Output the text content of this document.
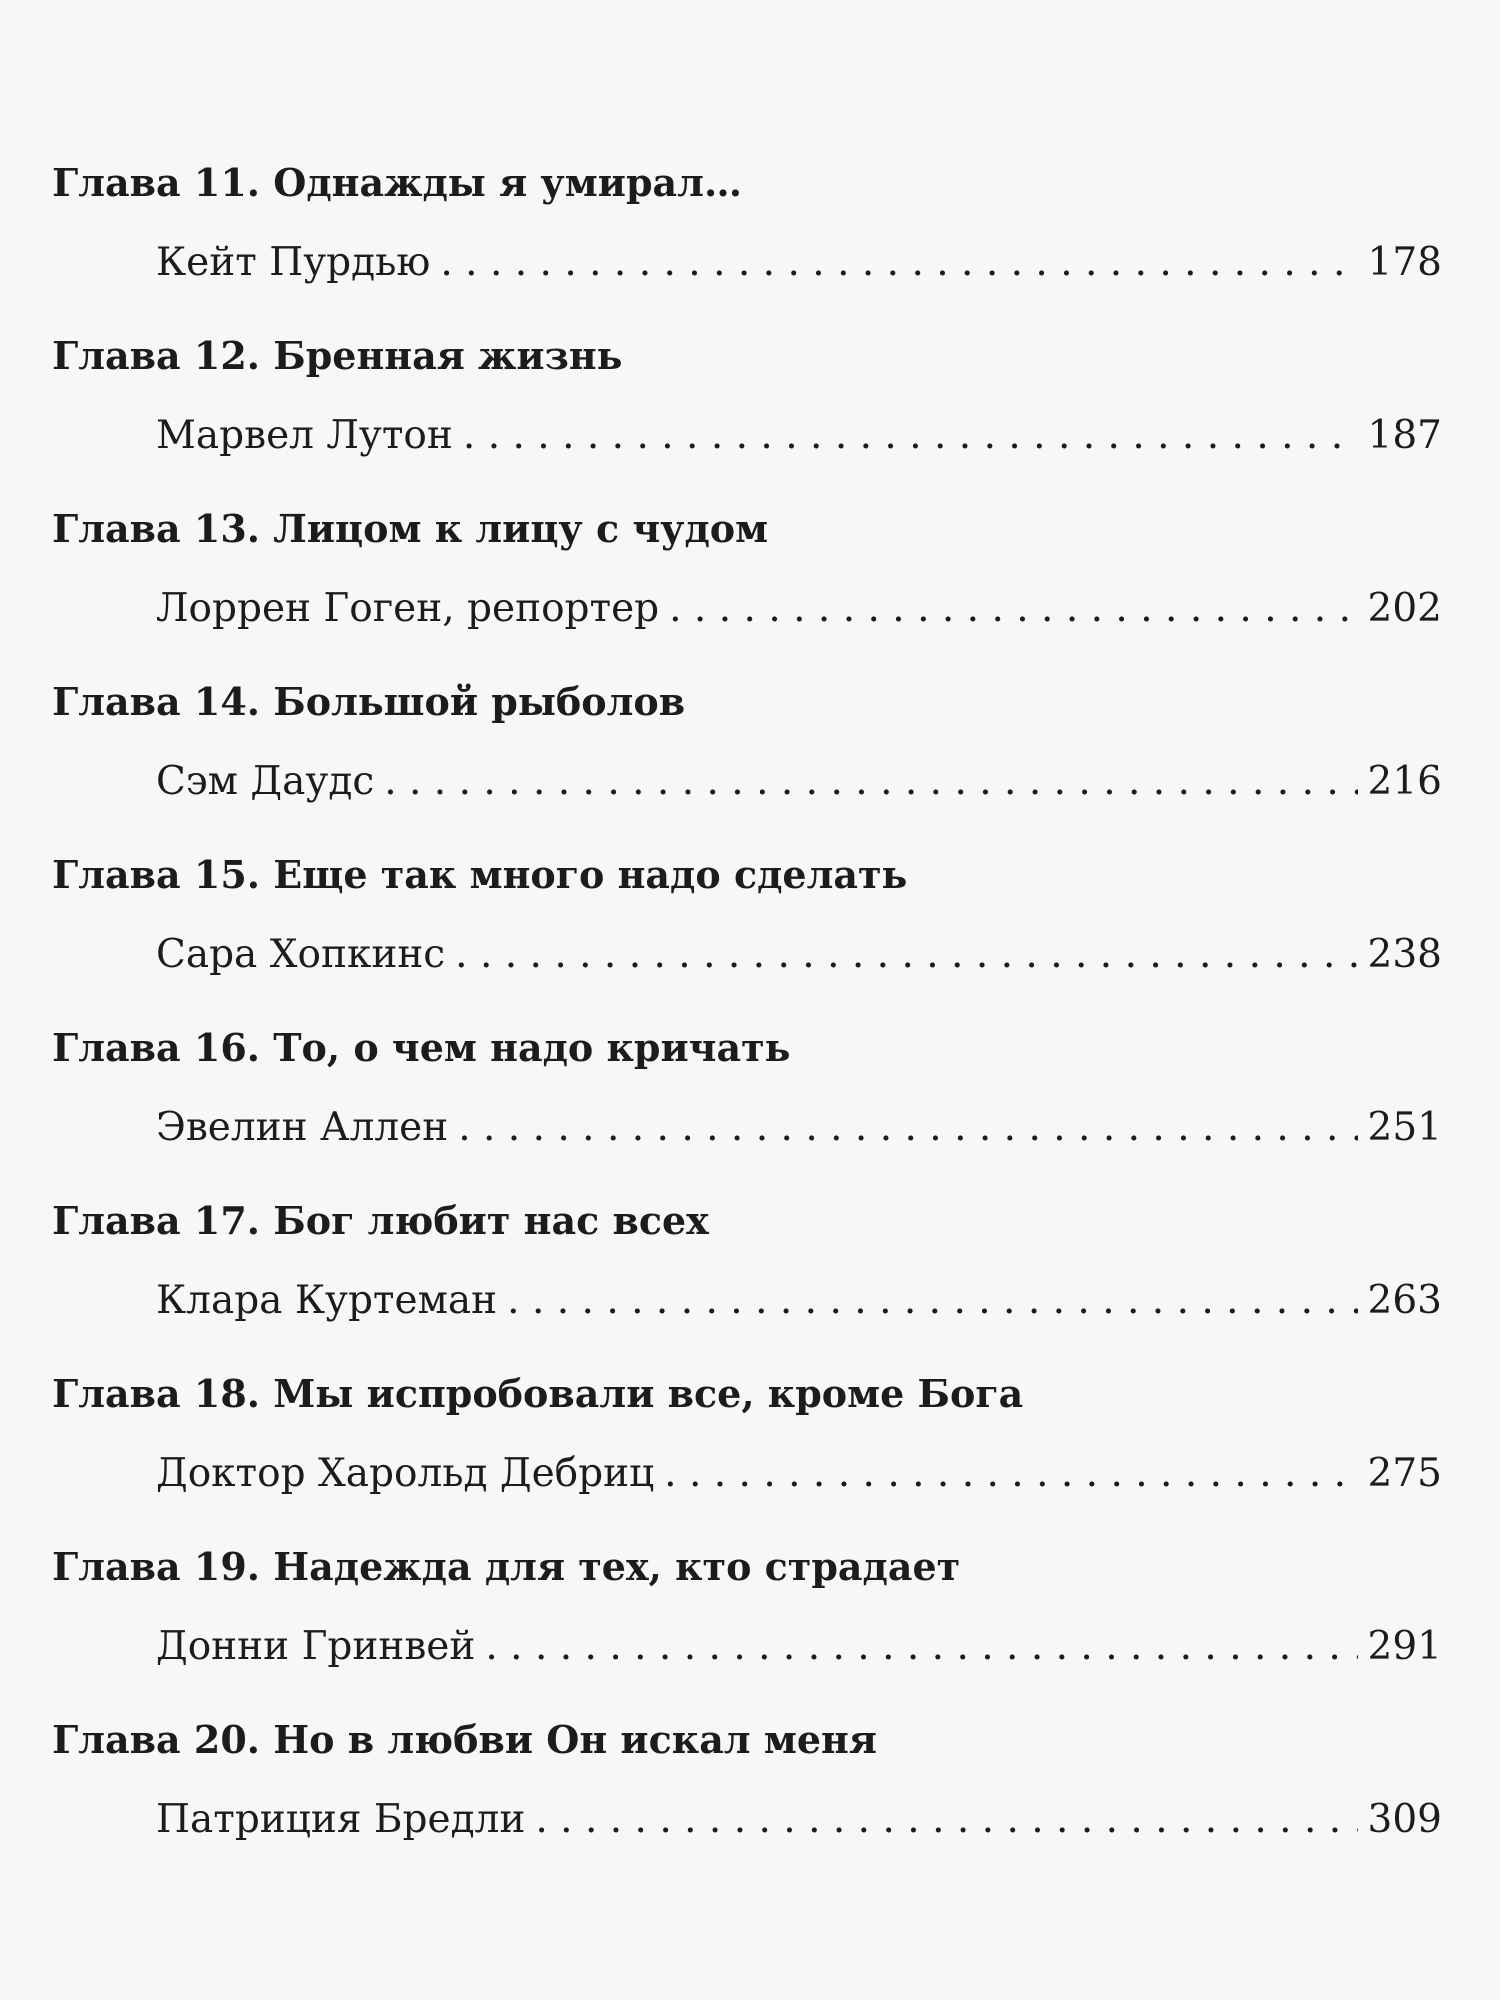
Глава 11. Однажды я умирал…
Кейт Пурдью . . .	178
Глава 12. Бренная жизнь
Марвел Лутон . . .	187
Глава 13. Лицом к лицу с чудом
Лоррен Гоген, репортер . . .	202
Глава 14. Большой рыболов
Сэм Даудс . . .	216
Глава 15. Еще так много надо сделать
Сара Хопкинс . . .	238
Глава 16. То, о чем надо кричать
Эвелин Аллен . . .	251
Глава 17. Бог любит нас всех
Клара Куртеман . . .	263
Глава 18. Мы испробовали все, кроме Бога
Доктор Харольд Дебриц . . .	275
Глава 19. Надежда для тех, кто страдает
Донни Гринвей . . .	291
Глава 20. Но в любви Он искал меня
Патриция Бредли . . .	309
